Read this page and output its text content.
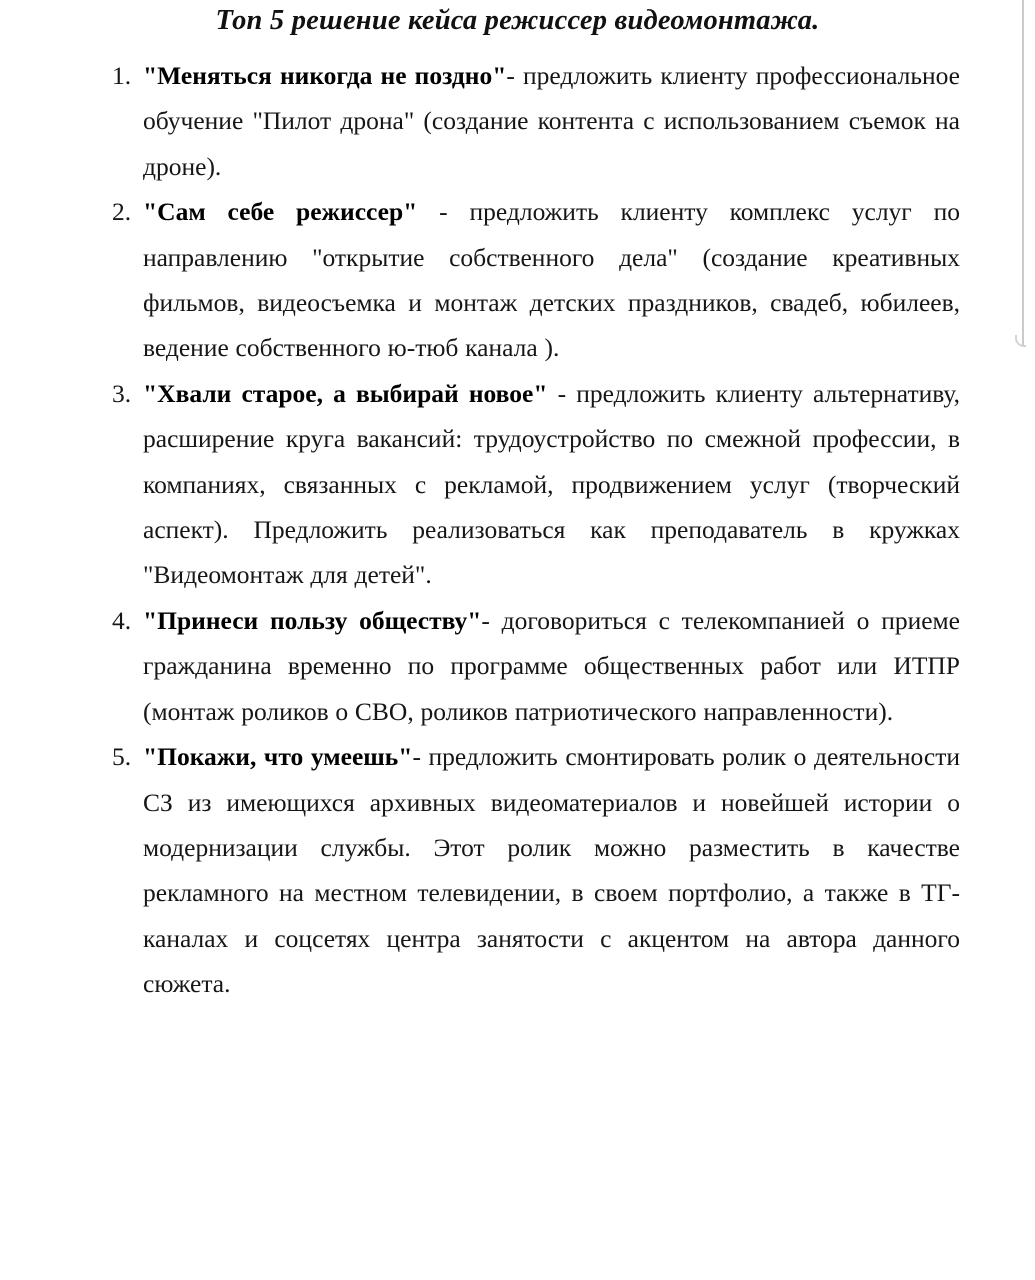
Топ 5 решение кейса режиссер видеомонтажа.

"Меняться никогда не поздно"- предложить клиенту профессиональное обучение "Пилот дрона" (создание контента с использованием съемок на дроне).

"Сам себе режиссер" - предложить клиенту комплекс услуг по направлению "открытие собственного дела" (создание креативных фильмов, видеосъемка и монтаж детских праздников, свадеб, юбилеев, ведение собственного ю-тюб канала ).

"Хвали старое, а выбирай новое" - предложить клиенту альтернативу, расширение круга вакансий: трудоустройство по смежной профессии, в компаниях, связанных с рекламой, продвижением услуг (творческий аспект). Предложить реализоваться как преподаватель в кружках "Видеомонтаж для детей".

"Принеси пользу обществу"- договориться с телекомпанией о приеме гражданина временно по программе общественных работ или ИТПР (монтаж роликов о СВО, роликов патриотического направленности).

"Покажи, что умеешь"- предложить смонтировать ролик о деятельности СЗ из имеющихся архивных видеоматериалов и новейшей истории о модернизации службы. Этот ролик можно разместить в качестве рекламного на местном телевидении, в своем портфолио, а также в ТГ-каналах и соцсетях центра занятости с акцентом на автора данного сюжета.
